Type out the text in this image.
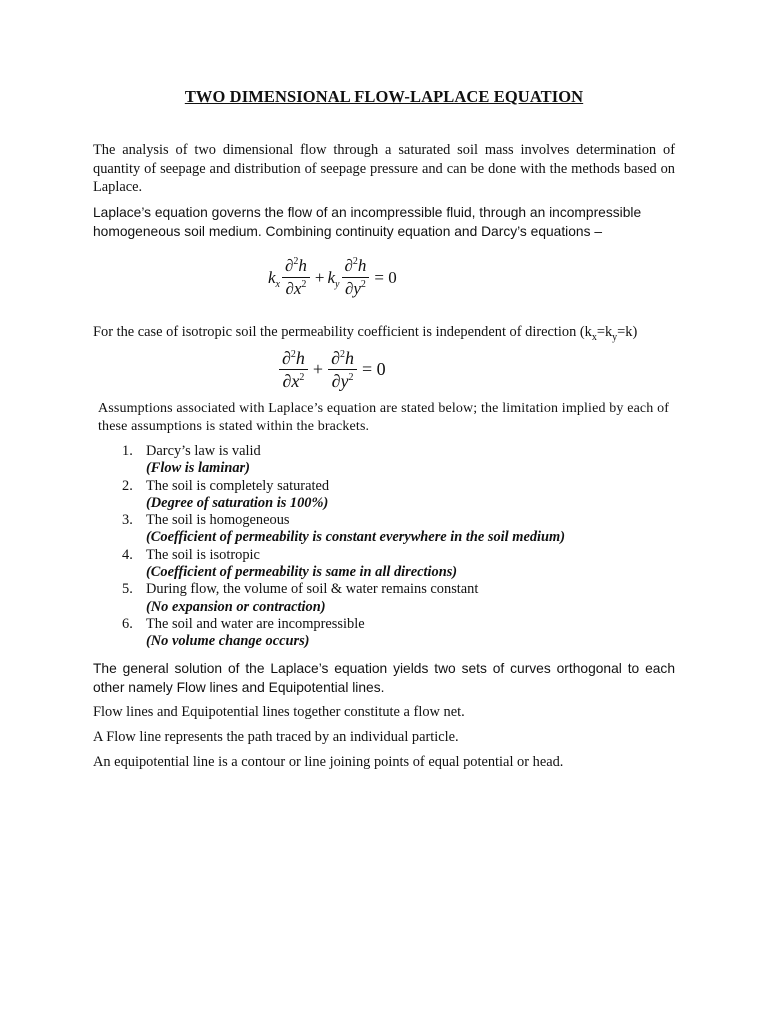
TWO DIMENSIONAL FLOW-LAPLACE EQUATION

The analysis of two dimensional flow through a saturated soil mass involves determination of quantity of seepage and distribution of seepage pressure and can be done with the methods based on Laplace.

Laplace’s equation governs the flow of an incompressible fluid, through an incompressible
homogeneous soil medium. Combining continuity equation and Darcy’s equations –

$k_x \frac{\partial^2h}{\partial x^2} + k_y \frac{\partial^2h}{\partial y^2} = 0$

For the case of isotropic soil the permeability coefficient is independent of direction $(k_x=k_y=k)$

$\frac{\partial^2h}{\partial x^2} + \frac{\partial^2h}{\partial y^2} = 0$

Assumptions associated with Laplace’s equation are stated below; the limitation implied by each of these assumptions is stated within the brackets.

1. Darcy’s law is valid
(Flow is laminar)
2. The soil is completely saturated
(Degree of saturation is 100%)
3. The soil is homogeneous
(Coefficient of permeability is constant everywhere in the soil medium)
4. The soil is isotropic
(Coefficient of permeability is same in all directions)
5. During flow, the volume of soil & water remains constant
(No expansion or contraction)
6. The soil and water are incompressible
(No volume change occurs)

The general solution of the Laplace’s equation yields two sets of curves orthogonal to each other namely Flow lines and Equipotential lines.

Flow lines and Equipotential lines together constitute a flow net.

A Flow line represents the path traced by an individual particle.

An equipotential line is a contour or line joining points of equal potential or head.
